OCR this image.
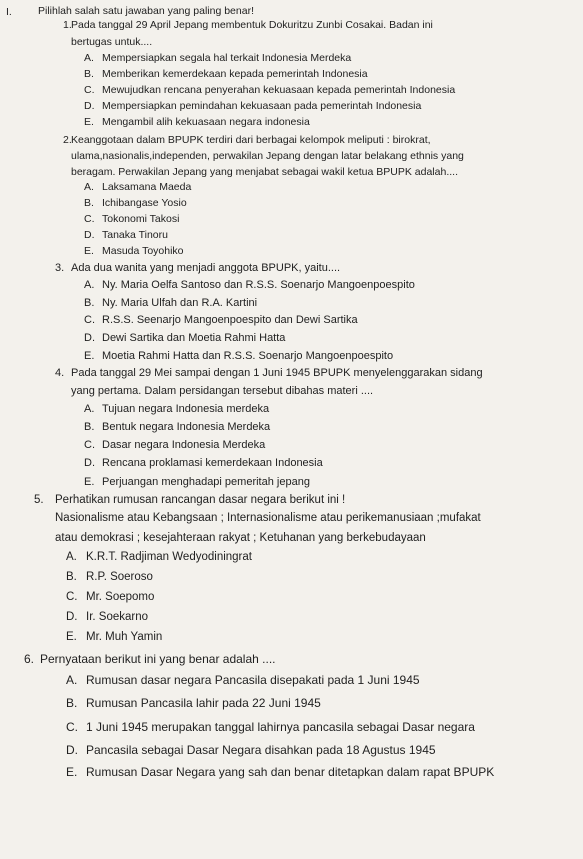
I. Pilihlah salah satu jawaban yang paling benar!
1. Pada tanggal 29 April Jepang membentuk Dokuritzu Zunbi Cosakai. Badan ini
bertugas untuk....
A. Mempersiapkan segala hal terkait Indonesia Merdeka
B. Memberikan kemerdekaan kepada pemerintah Indonesia
C. Mewujudkan rencana penyerahan kekuasaan kepada pemerintah Indonesia
D. Mempersiapkan pemindahan kekuasaan pada pemerintah Indonesia
E. Mengambil alih kekuasaan negara indonesia
2. Keanggotaan dalam BPUPK terdiri dari berbagai kelompok meliputi : birokrat,
ulama,nasionalis,independen, perwakilan Jepang dengan latar belakang ethnis yang
beragam. Perwakilan Jepang yang menjabat sebagai wakil ketua BPUPK adalah....
A. Laksamana Maeda
B. Ichibangase Yosio
C. Tokonomi Takosi
D. Tanaka Tinoru
E. Masuda Toyohiko
3. Ada dua wanita yang menjadi anggota BPUPK, yaitu....
A. Ny. Maria Oelfa Santoso dan R.S.S. Soenarjo Mangoenpoespito
B. Ny. Maria Ulfah dan R.A. Kartini
C. R.S.S. Seenarjo Mangoenpoespito dan Dewi Sartika
D. Dewi Sartika dan Moetia Rahmi Hatta
E. Moetia Rahmi Hatta dan R.S.S. Soenarjo Mangoenpoespito
4. Pada tanggal 29 Mei sampai dengan 1 Juni 1945 BPUPK menyelenggarakan sidang
yang pertama. Dalam persidangan tersebut dibahas materi ....
A. Tujuan negara Indonesia merdeka
B. Bentuk negara Indonesia Merdeka
C. Dasar negara Indonesia Merdeka
D. Rencana proklamasi kemerdekaan Indonesia
E. Perjuangan menghadapi pemeritah jepang
5. Perhatikan rumusan rancangan dasar negara berikut ini !
Nasionalisme atau Kebangsaan ; Internasionalisme atau perikemanusiaan ;mufakat
atau demokrasi ; kesejahteraan rakyat ; Ketuhanan yang berkebudayaan
A. K.R.T. Radjiman Wedyodiningrat
B. R.P. Soeroso
C. Mr. Soepomo
D. Ir. Soekarno
E. Mr. Muh Yamin
6. Pernyataan berikut ini yang benar adalah ....
A. Rumusan dasar negara Pancasila disepakati pada 1 Juni 1945
B. Rumusan Pancasila lahir pada 22 Juni 1945
C. 1 Juni 1945 merupakan tanggal lahirnya pancasila sebagai Dasar negara
D. Pancasila sebagai Dasar Negara disahkan pada 18 Agustus 1945
E. Rumusan Dasar Negara yang sah dan benar ditetapkan dalam rapat BPUPK
